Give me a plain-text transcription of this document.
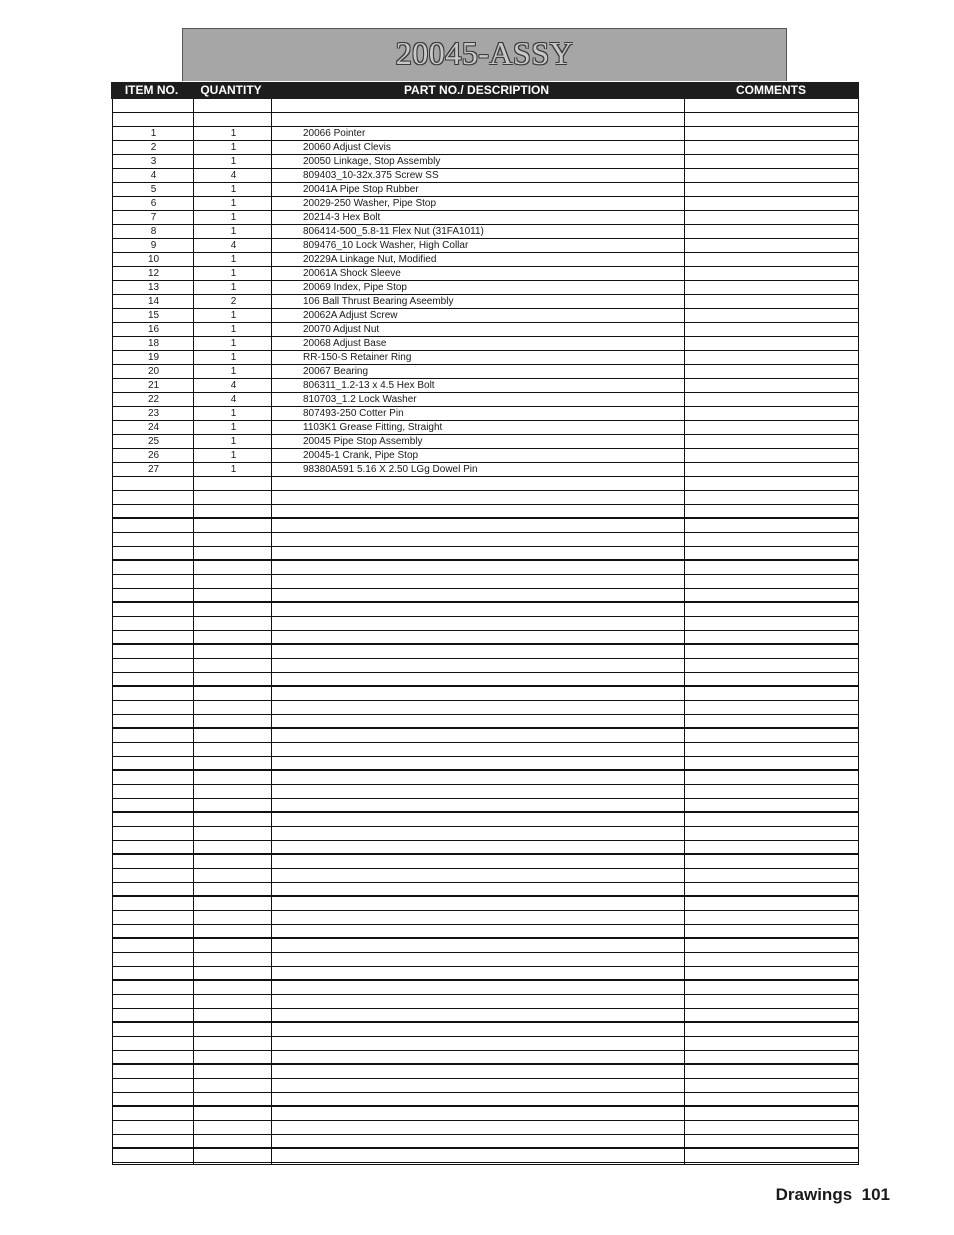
20045-ASSY
ITEM NO.	QUANTITY	PART NO./ DESCRIPTION	COMMENTS
1	1	20066 Pointer
2	1	20060 Adjust Clevis
3	1	20050 Linkage, Stop Assembly
4	4	809403_10-32x.375 Screw SS
5	1	20041A Pipe Stop Rubber
6	1	20029-250 Washer, Pipe Stop
7	1	20214-3 Hex Bolt
8	1	806414-500_5.8-11 Flex Nut (31FA1011)
9	4	809476_10 Lock Washer, High Collar
10	1	20229A Linkage Nut, Modified
12	1	20061A Shock Sleeve
13	1	20069 Index, Pipe Stop
14	2	106 Ball Thrust Bearing Aseembly
15	1	20062A Adjust Screw
16	1	20070 Adjust Nut
18	1	20068 Adjust Base
19	1	RR-150-S Retainer Ring
20	1	20067 Bearing
21	4	806311_1.2-13 x 4.5 Hex Bolt
22	4	810703_1.2 Lock Washer
23	1	807493-250 Cotter Pin
24	1	1103K1 Grease Fitting, Straight
25	1	20045 Pipe Stop Assembly
26	1	20045-1 Crank, Pipe Stop
27	1	98380A591 5.16 X 2.50 LGg Dowel Pin
Drawings 101
